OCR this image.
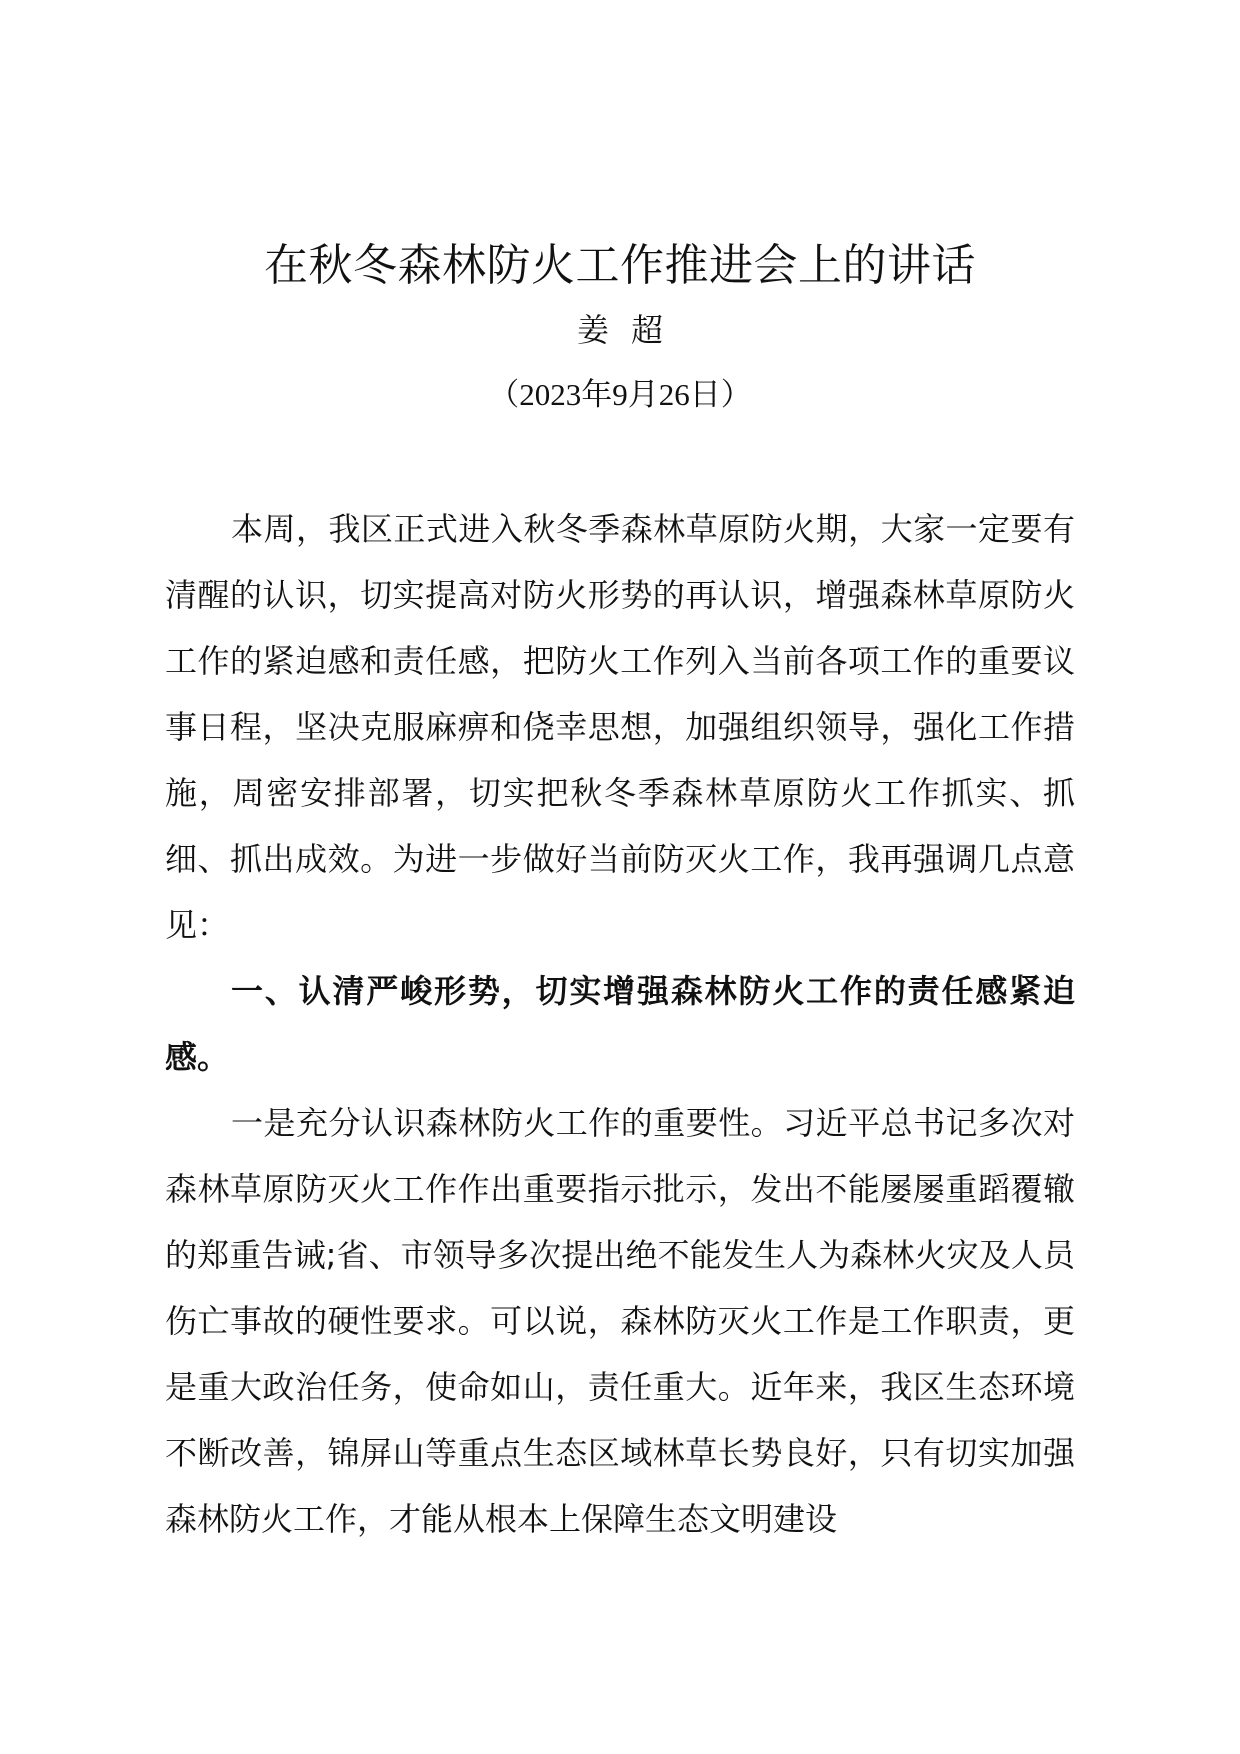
在秋冬森林防火工作推进会上的讲话
姜超
（2023年9月26日）

本周，我区正式进入秋冬季森林草原防火期，大家一定要有清醒的认识，切实提高对防火形势的再认识，增强森林草原防火工作的紧迫感和责任感，把防火工作列入当前各项工作的重要议事日程，坚决克服麻痹和侥幸思想，加强组织领导，强化工作措施，周密安排部署，切实把秋冬季森林草原防火工作抓实、抓细、抓出成效。为进一步做好当前防灭火工作，我再强调几点意见：

一、认清严峻形势，切实增强森林防火工作的责任感紧迫感。

一是充分认识森林防火工作的重要性。习近平总书记多次对森林草原防灭火工作作出重要指示批示，发出不能屡屡重蹈覆辙的郑重告诫;省、市领导多次提出绝不能发生人为森林火灾及人员伤亡事故的硬性要求。可以说，森林防灭火工作是工作职责，更是重大政治任务，使命如山，责任重大。近年来，我区生态环境不断改善，锦屏山等重点生态区域林草长势良好，只有切实加强森林防火工作，才能从根本上保障生态文明建设
